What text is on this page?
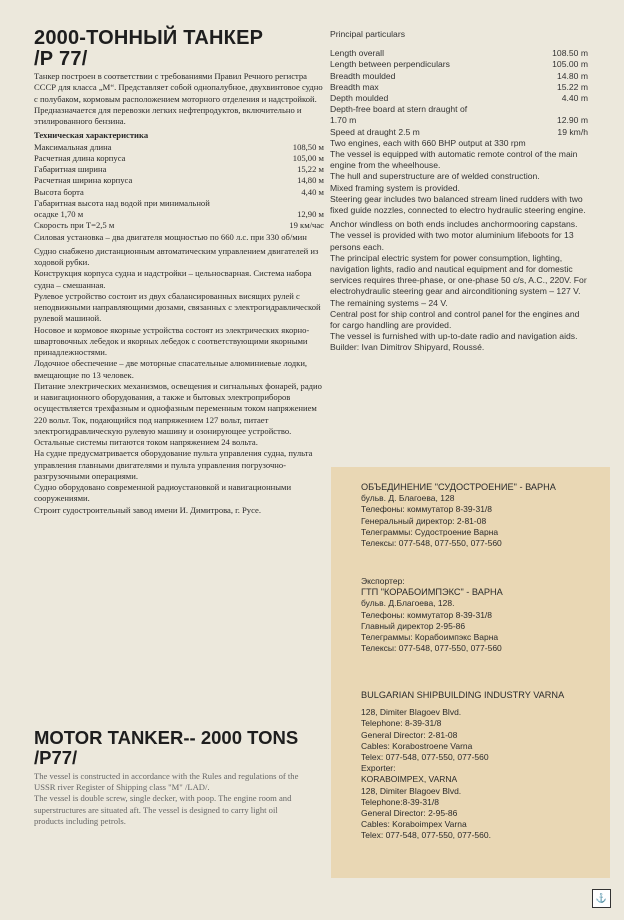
2000-ТОННЫЙ ТАНКЕР
/Р 77/

Танкер построен в соответствии с требованиями Правил Речного регистра СССР для класса „М“. Представляет собой однопалубное, двухвинтовое судно с полубаком, кормовым расположением моторного отделения и надстройкой.

Предназначается для перевозки легких нефтепродуктов, включительно и этилированного бензина.

Техническая характеристика

Максимальная длина	108,50 м
Расчетная длина корпуса	105,00 м
Габаритная ширина	15,22 м
Расчетная ширина корпуса	14,80 м
Высота борта	4,40 м

Габаритная высота над водой при минимальной

осадке 1,70 м	12,90 м
Скорость при Т=2,5 м	19 км/час

Силовая установка – два двигателя мощностью по 660 л.с. при 330 об/мин

Судно снабжено дистанционным автоматическим управлением двигателей из ходовой рубки.

Конструкция корпуса судна и надстройки – цельносварная. Система набора судна – смешанная.

Рулевое устройство состоит из двух сбалансированных висящих рулей с неподвижными направляющими дюзами, связанных с электрогидравлической рулевой машиной.

Носовое и кормовое якорные устройства состоят из электрических якорно-швартовочных лебедок и якорных лебедок с соответствующими якорными принадлежностями.

Лодочное обеспечение – две моторные спасательные алюминиевые лодки, вмещающие по 13 человек.

Питание электрических механизмов, освещения и сигнальных фонарей, радио и навигационного оборудования, а также и бытовых электроприборов осуществляется трехфазным и однофазным переменным током напряжением 220 вольт. Ток, подающийся под напряжением 127 вольт, питает электрогидравлическую рулевую машину и озонирующее устройство. Остальные системы питаются током напряжением 24 вольта.

На судне предусматривается оборудование пульта управления судна, пульта управления главными двигателями и пульта управления погрузочно-разгрузочными операциями.

Судно оборудовано современной радиоустановкой и навигационными сооружениями.

Строит судостроительный завод имени И. Димитрова, г. Русе.

Principal particulars

Length overall	108.50 m
Length between perpendiculars	105.00 m
Breadth moulded	14.80 m
Breadth max	15.22 m
Depth moulded	4.40 m

Depth-free board at stern draught of

1.70 m	12.90 m
Speed at draught 2.5 m	19 km/h

Two engines, each with 660 BHP output at 330 rpm

The vessel is equipped with automatic remote control of the main engine from the wheelhouse.

The hull and superstructure are of welded construction.

Mixed framing system is provided.

Steering gear includes two balanced stream lined rudders with two fixed guide nozzles, connected to electro hydraulic steering engine.

Anchor windless on both ends includes anchormooring capstans.

The vessel is provided with two motor aluminium lifeboots for 13 persons each.

The principal electric system for power consumption, lighting, navigation lights, radio and nautical equipment and for domestic services requires three-phase, or one-phase 50 c/s, A.C., 220V. For electrohydraulic steering gear and airconditioning system – 127 V. The remaining systems – 24 V.

Central post for ship control and control panel for the engines and for cargo handling are provided.

The vessel is furnished with up-to-date radio and navigation aids.

Builder: Ivan Dimitrov Shipyard, Roussé.

ОБЪЕДИНЕНИЕ "СУДОСТРОЕНИЕ" - ВАРНА

бульв. Д. Благоева, 128

Телефоны: коммутатор 8-39-31/8

Генеральный директор: 2-81-08

Телеграммы: Судостроение Варна

Телексы: 077-548, 077-550, 077-560

Экспортер:

ГТП "КОРАБОИМПЭКС" - ВАРНА

бульв. Д.Благоева, 128.

Телефоны: коммутатор 8-39-31/8

Главный директор 2-95-86

Телеграммы: Корабоимпэкс Варна

Телексы: 077-548, 077-550, 077-560

BULGARIAN SHIPBUILDING INDUSTRY VARNA

128, Dimiter Blagoev Blvd.

Telephone: 8-39-31/8

General Director: 2-81-08

Cables: Korabostroene Varna

Telex: 077-548, 077-550, 077-560

Exporter:

KORABOIMPEX, VARNA

128, Dimiter Blagoev Blvd.

Telephone:8-39-31/8

General Director: 2-95-86

Cables: Koraboimpex Varna

Telex: 077-548, 077-550, 077-560.

MOTOR TANKER-- 2000 TONS
/P77/

The vessel is constructed in accordance with the Rules and regulations of the USSR river Register of Shipping class "M" /LAD/.

The vessel is double screw, single decker, with poop. The engine room and superstructures are situated aft. The vessel is designed to carry light oil products including petrols.

⚓
